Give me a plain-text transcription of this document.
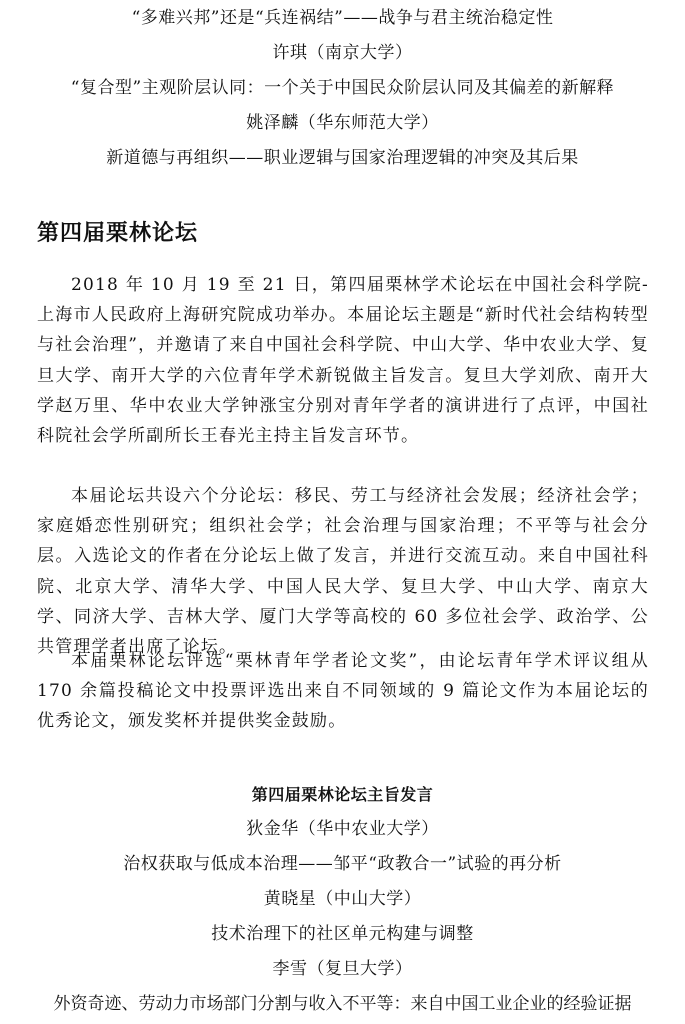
“多难兴邦”还是“兵连祸结”——战争与君主统治稳定性
许琪（南京大学）
“复合型”主观阶层认同：一个关于中国民众阶层认同及其偏差的新解释
姚泽麟（华东师范大学）
新道德与再组织——职业逻辑与国家治理逻辑的冲突及其后果
第四届栗林论坛

2018 年 10 月 19 至 21 日，第四届栗林学术论坛在中国社会科学院-上海市人民政府上海研究院成功举办。本届论坛主题是“新时代社会结构转型与社会治理”，并邀请了来自中国社会科学院、中山大学、华中农业大学、复旦大学、南开大学的六位青年学术新锐做主旨发言。复旦大学刘欣、南开大学赵万里、华中农业大学钟涨宝分别对青年学者的演讲进行了点评，中国社科院社会学所副所长王春光主持主旨发言环节。

本届论坛共设六个分论坛：移民、劳工与经济社会发展；经济社会学；家庭婚恋性别研究；组织社会学；社会治理与国家治理；不平等与社会分层。入选论文的作者在分论坛上做了发言，并进行交流互动。来自中国社科院、北京大学、清华大学、中国人民大学、复旦大学、中山大学、南京大学、同济大学、吉林大学、厦门大学等高校的 60 多位社会学、政治学、公共管理学者出席了论坛。

本届栗林论坛评选“栗林青年学者论文奖”，由论坛青年学术评议组从 170 余篇投稿论文中投票评选出来自不同领域的 9 篇论文作为本届论坛的优秀论文，颁发奖杯并提供奖金鼓励。

第四届栗林论坛主旨发言
狄金华（华中农业大学）
治权获取与低成本治理——邹平“政教合一”试验的再分析
黄晓星（中山大学）
技术治理下的社区单元构建与调整
李雪（复旦大学）
外资奇迹、劳动力市场部门分割与收入不平等：来自中国工业企业的经验证据
